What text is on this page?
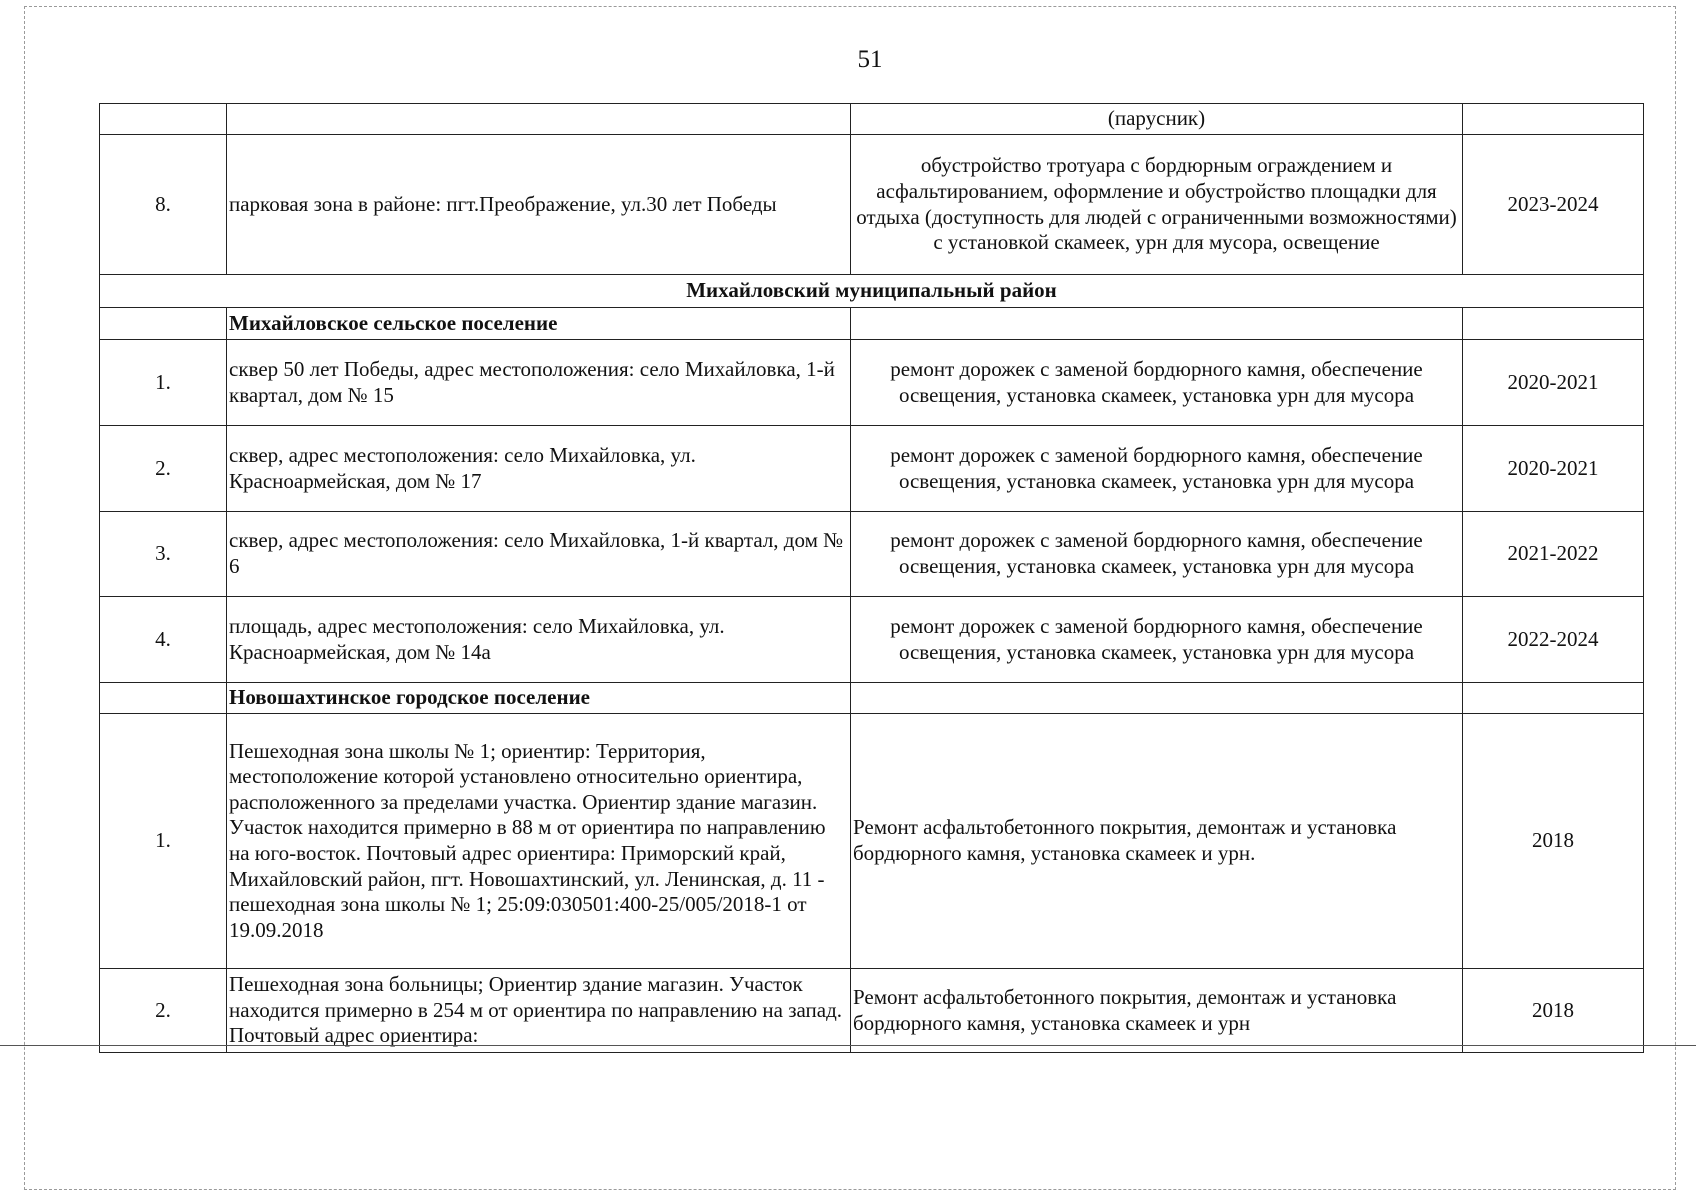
51
		(парусник)	
8.	парковая зона в районе: пгт.Преображение, ул.30 лет Победы	обустройство тротуара с бордюрным ограждением и асфальтированием, оформление и обустройство площадки для отдыха (доступность для людей с ограниченными возможностями) с установкой скамеек, урн для мусора, освещение	2023-2024
Михайловский муниципальный район			
	Михайловское сельское поселение		
1.	сквер 50 лет Победы, адрес местоположения: село Михайловка, 1-й квартал, дом № 15	ремонт дорожек с заменой бордюрного камня, обеспечение освещения, установка скамеек, установка урн для мусора	2020-2021
2.	сквер, адрес местоположения: село Михайловка, ул. Красноармейская, дом № 17	ремонт дорожек с заменой бордюрного камня, обеспечение освещения, установка скамеек, установка урн для мусора	2020-2021
3.	сквер, адрес местоположения: село Михайловка, 1-й квартал, дом № 6	ремонт дорожек с заменой бордюрного камня, обеспечение освещения, установка скамеек, установка урн для мусора	2021-2022
4.	площадь, адрес местоположения: село Михайловка, ул. Красноармейская, дом № 14а	ремонт дорожек с заменой бордюрного камня, обеспечение освещения, установка скамеек, установка урн для мусора	2022-2024
	Новошахтинское городское поселение	

1.	Пешеходная зона школы № 1; ориентир: Территория, местоположение которой установлено относительно ориентира, расположенного за пределами участка. Ориентир здание магазин. Участок находится примерно в 88 м от ориентира по направлению на юго-восток. Почтовый адрес ориентира: Приморский край, Михайловский район, пгт. Новошахтинский, ул. Ленинская, д. 11 - пешеходная зона школы № 1; 25:09:030501:400-25/005/2018-1 от 19.09.2018	Ремонт асфальтобетонного покрытия, демонтаж и установка бордюрного камня, установка скамеек и урн.	2018
2.	Пешеходная зона больницы; Ориентир здание магазин. Участок находится примерно в 254 м от ориентира по направлению на запад. Почтовый адрес ориентира:	Ремонт асфальтобетонного покрытия, демонтаж и установка бордюрного камня, установка скамеек и урн	2018
